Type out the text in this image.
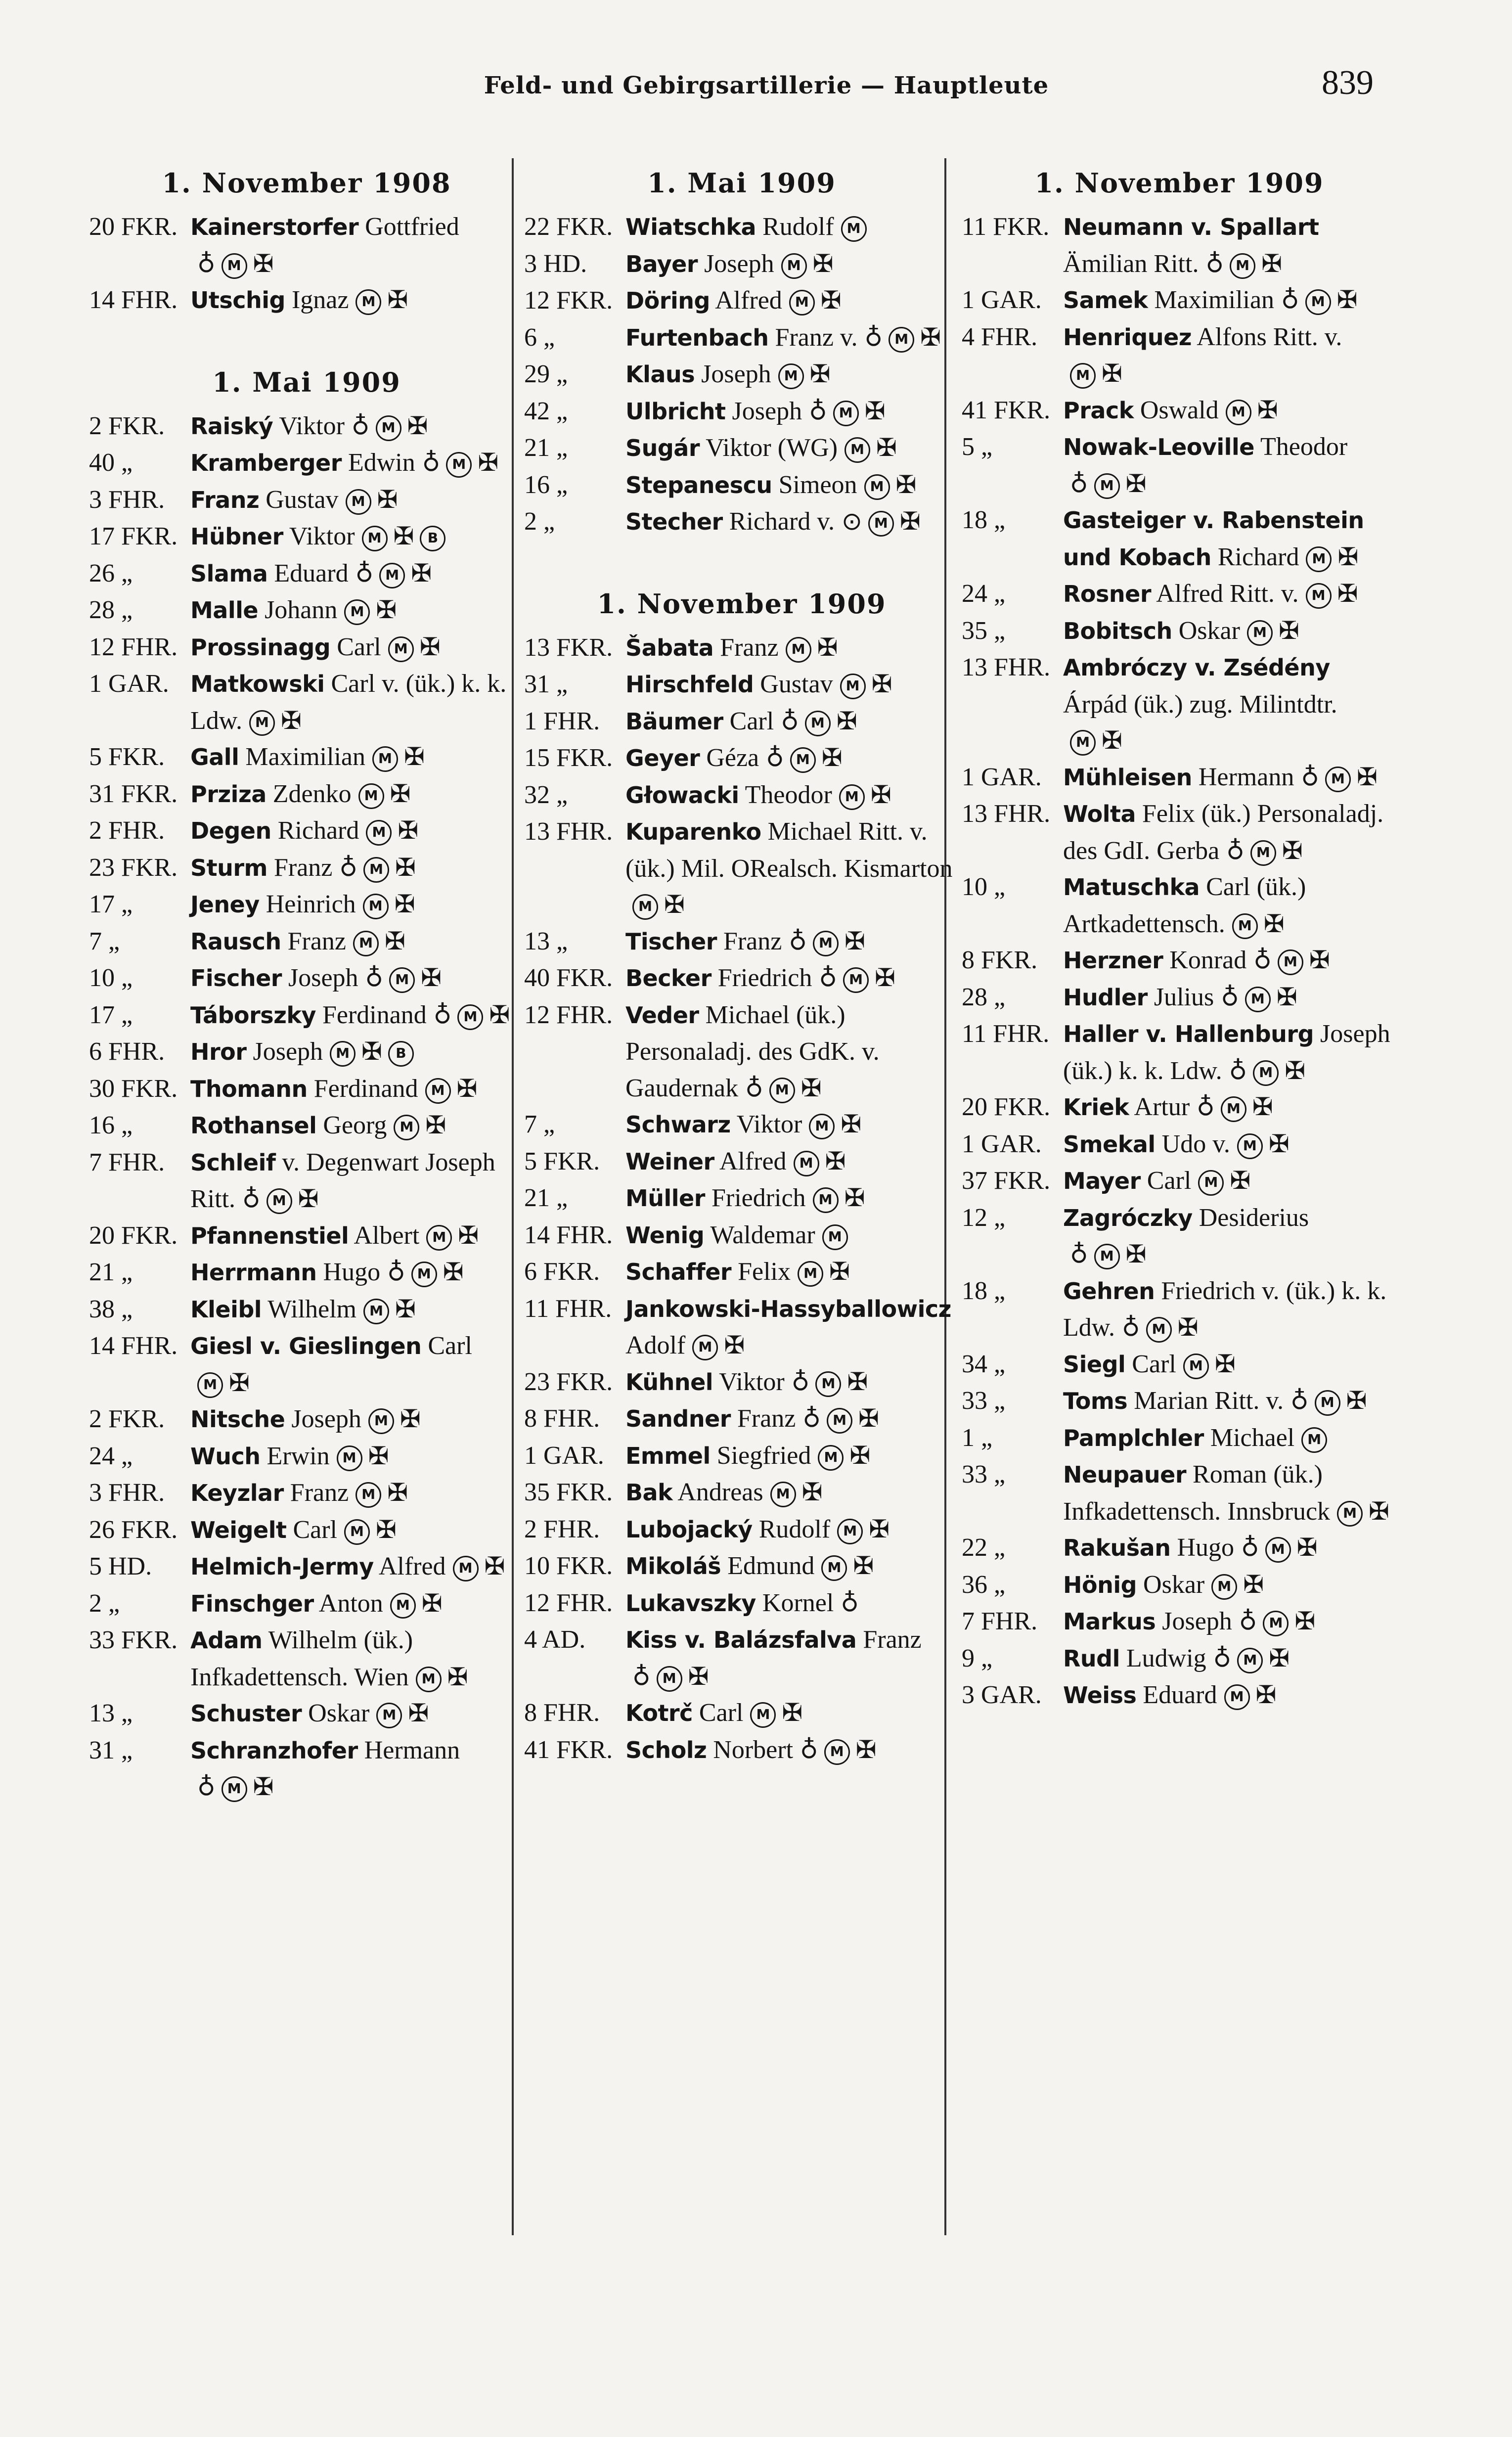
Feld- und Gebirgsartillerie — Hauptleute	839
1. November 1908
20 FKR. Kainerstorfer Gottfried♁ M ✠
14 FHR. Utschig Ignaz M ✠
1. Mai 1909
2 FKR.	Raiský Viktor ♁ M ✠
40 „	Kramberger Edwin ♁ M ✠
3 FHR.	Franz Gustav M ✠
17 FKR. Hübner Viktor M ✠ B
26 „	Slama Eduard ♁ M ✠
28 „	Malle Johann M ✠
12 FHR. Prossinagg Carl M ✠
1 GAR. Matkowski Carl v. (ük.) k. k. Ldw. M ✠
5 FKR.	Gall Maximilian M ✠
31 FKR. Prziza Zdenko M ✠
2 FHR.	Degen Richard M ✠
23 FKR. Sturm Franz ♁ M ✠
17 „	Jeney Heinrich M ✠
7 „	Rausch Franz M ✠
10 „	Fischer Joseph ♁ M ✠
17 „	Táborszky Ferdinand ♁ M ✠
6 FHR.	Hror Joseph M ✠ B
30 FKR. Thomann Ferdinand M ✠
16 „	Rothansel Georg M ✠
7 FHR.	Schleif v. Degenwart Joseph Ritt. ♁ M ✠
20 FKR. Pfannenstiel Albert M ✠
21 „	Herrmann Hugo ♁ M ✠
38 „	Kleibl Wilhelm M ✠
14 FHR. Giesl v. Gieslingen CarlM ✠
2 FKR.	Nitsche Joseph M ✠
24 „	Wuch Erwin M ✠
3 FHR.	Keyzlar Franz M ✠
26 FKR. Weigelt Carl M ✠
5 HD.	Helmich-Jermy Alfred M ✠
2 „	Finschger Anton M ✠
33 FKR. Adam Wilhelm (ük.) Infkadettensch. Wien M ✠
13 „	Schuster Oskar M ✠
31 „	Schranzhofer Hermann♁ M ✠
1. Mai 1909
22 FKR. Wiatschka Rudolf M
3 HD.	Bayer Joseph M ✠
12 FKR. Döring Alfred M ✠
6 „	Furtenbach Franz v. ♁ M ✠
29 „	Klaus Joseph M ✠
42 „	Ulbricht Joseph ♁ M ✠
21 „	Sugár Viktor (WG) M ✠
16 „	Stepanescu Simeon M ✠
2 „	Stecher Richard v. ⊙ M ✠
1. November 1909
13 FKR. Šabata Franz M ✠
31 „	Hirschfeld Gustav M ✠
1 FHR.	Bäumer Carl ♁ M ✠
15 FKR. Geyer Géza ♁ M ✠
32 „	Głowacki Theodor M ✠
13 FHR. Kuparenko Michael Ritt. v. (ük.) Mil. ORealsch. KismartonM ✠
13 „	Tischer Franz ♁ M ✠
40 FKR. Becker Friedrich ♁ M ✠
12 FHR. Veder Michael (ük.) Personaladj. des GdK. v. Gaudernak ♁ M ✠
7 „	Schwarz Viktor M ✠
5 FKR.	Weiner Alfred M ✠
21 „	Müller Friedrich M ✠
14 FHR. Wenig Waldemar M
6 FKR.	Schaffer Felix M ✠
11 FHR. Jankowski-Hassyballowicz Adolf M ✠
23 FKR. Kühnel Viktor ♁ M ✠
8 FHR.	Sandner Franz ♁ M ✠
1 GAR. Emmel Siegfried M ✠
35 FKR. Bak Andreas M ✠
2 FHR.	Lubojacký Rudolf M ✠
10 FKR. Mikoláš Edmund M ✠
12 FHR. Lukavszky Kornel ♁
4 AD.	Kiss v. Balázsfalva Franz♁ M ✠
8 FHR.	Kotrč Carl M ✠
41 FKR. Scholz Norbert ♁ M ✠
1. November 1909
11 FKR. Neumann v. Spallart Ämilian Ritt. ♁ M ✠
1 GAR. Samek Maximilian ♁ M ✠
4 FHR.	Henriquez Alfons Ritt. v.M ✠
41 FKR. Prack Oswald M ✠
5 „	Nowak-Leoville Theodor♁ M ✠
18 „	Gasteiger v. Rabenstein und Kobach Richard M ✠
24 „	Rosner Alfred Ritt. v. M ✠
35 „	Bobitsch Oskar M ✠
13 FHR. Ambróczy v. Zsédény Árpád (ük.) zug. Milintdtr.M ✠
1 GAR. Mühleisen Hermann ♁ M ✠
13 FHR. Wolta Felix (ük.) Personaladj. des GdI. Gerba ♁ M ✠
10 „	Matuschka Carl (ük.) Artkadettensch. M ✠
8 FKR.	Herzner Konrad ♁ M ✠
28 „	Hudler Julius ♁ M ✠
11 FHR. Haller v. Hallenburg Joseph (ük.) k. k. Ldw. ♁ M ✠
20 FKR. Kriek Artur ♁ M ✠
1 GAR. Smekal Udo v. M ✠
37 FKR. Mayer Carl M ✠
12 „	Zagróczky Desiderius♁ M ✠
18 „	Gehren Friedrich v. (ük.) k. k. Ldw. ♁ M ✠
34 „	Siegl Carl M ✠
33 „	Toms Marian Ritt. v. ♁ M ✠
1 „	Pamplchler Michael M
33 „	Neupauer Roman (ük.) Infkadettensch. Innsbruck M ✠
22 „	Rakušan Hugo ♁ M ✠
36 „	Hönig Oskar M ✠
7 FHR.	Markus Joseph ♁ M ✠
9 „	Rudl Ludwig ♁ M ✠
3 GAR. Weiss Eduard M ✠
